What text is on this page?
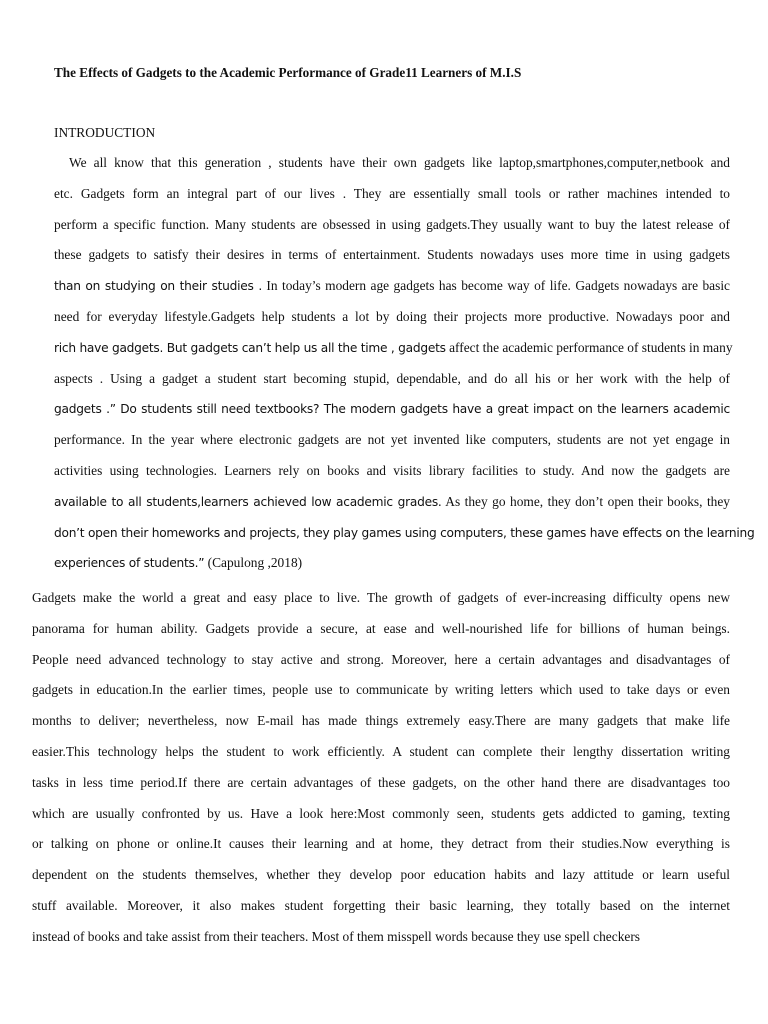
The Effects of Gadgets to the Academic Performance of Grade11 Learners of M.I.S

INTRODUCTION

We all know that this generation , students have their own gadgets like laptop,smartphones,computer,netbook and
etc. Gadgets form an integral part of our lives . They are essentially small tools or rather machines intended to
perform a specific function. Many students are obsessed in using gadgets.They usually want to buy the latest release of
these gadgets to satisfy their desires in terms of entertainment. Students nowadays uses more time in using gadgets
than on studying on their studies . In today’s modern age gadgets has become way of life. Gadgets nowadays are basic
need for everyday lifestyle.Gadgets help students a lot by doing their projects more productive. Nowadays poor and
rich have gadgets. But gadgets can’t help us all the time , gadgets affect the academic performance of students in many
aspects . Using a gadget a student start becoming stupid, dependable, and do all his or her work with the help of
gadgets .” Do students still need textbooks? The modern gadgets have a great impact on the learners academic
performance. In the year where electronic gadgets are not yet invented like computers, students are not yet engage in
activities using technologies. Learners rely on books and visits library facilities to study. And now the gadgets are
available to all students,learners achieved low academic grades. As they go home, they don’t open their books, they
don’t open their homeworks and projects, they play games using computers, these games have effects on the learning
experiences of students.” (Capulong ,2018)
Gadgets make the world a great and easy place to live. The growth of gadgets of ever-increasing difficulty opens new
panorama for human ability. Gadgets provide a secure, at ease and well-nourished life for billions of human beings.
People need advanced technology to stay active and strong. Moreover, here a certain advantages and disadvantages of
gadgets in education.In the earlier times, people use to communicate by writing letters which used to take days or even
months to deliver; nevertheless, now E-mail has made things extremely easy.There are many gadgets that make life
easier.This technology helps the student to work efficiently. A student can complete their lengthy dissertation writing
tasks in less time period.If there are certain advantages of these gadgets, on the other hand there are disadvantages too
which are usually confronted by us. Have a look here:Most commonly seen, students gets addicted to gaming, texting
or talking on phone or online.It causes their learning and at home, they detract from their studies.Now everything is
dependent on the students themselves, whether they develop poor education habits and lazy attitude or learn useful
stuff available. Moreover, it also makes student forgetting their basic learning, they totally based on the internet
instead of books and take assist from their teachers. Most of them misspell words because they use spell checkers
